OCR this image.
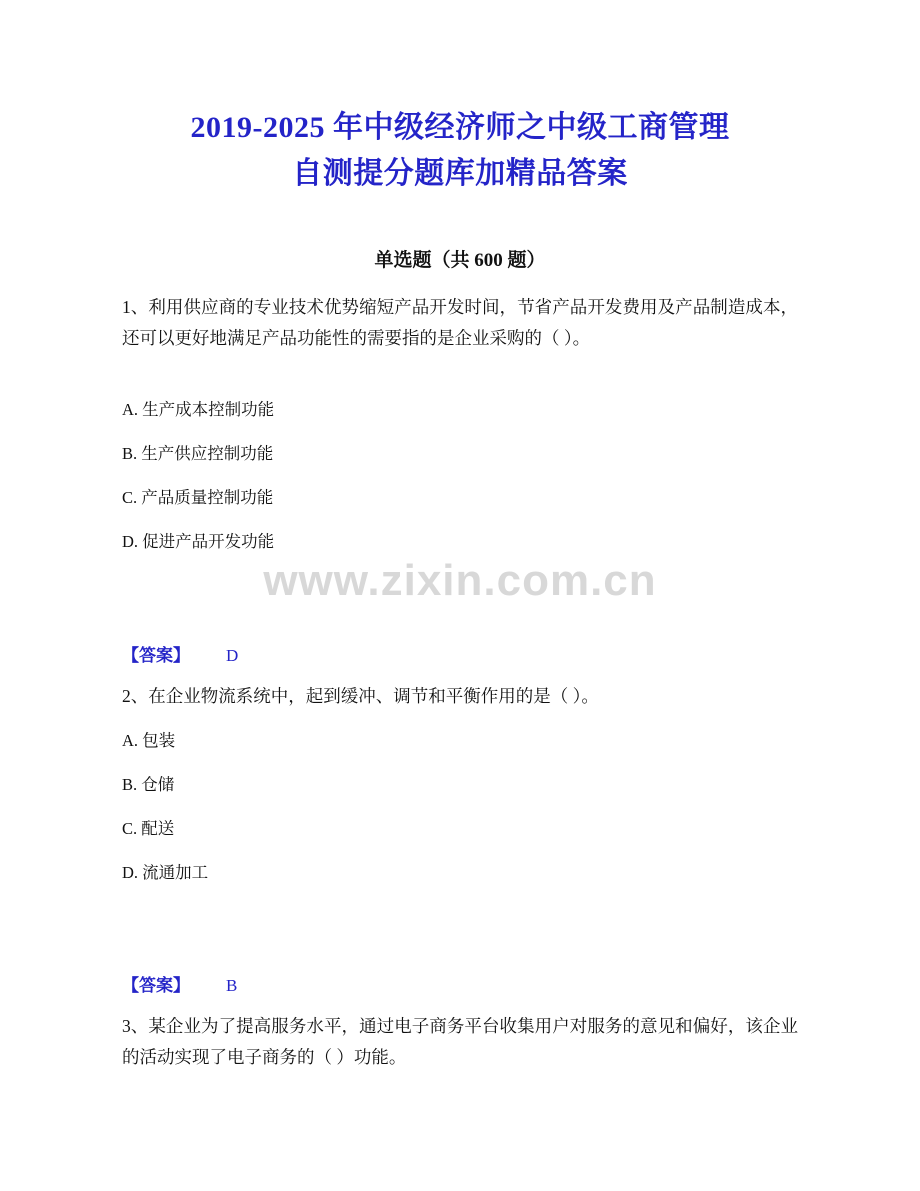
2019-2025 年中级经济师之中级工商管理
自测提分题库加精品答案
单选题（共 600 题）
1、利用供应商的专业技术优势缩短产品开发时间，节省产品开发费用及产品制造成本，还可以更好地满足产品功能性的需要指的是企业采购的（ ）。
A. 生产成本控制功能
B. 生产供应控制功能
C. 产品质量控制功能
D. 促进产品开发功能
www.zixin.com.cn
【答案】 D
2、在企业物流系统中，起到缓冲、调节和平衡作用的是（ ）。
A. 包装
B. 仓储
C. 配送
D. 流通加工
【答案】 B
3、某企业为了提高服务水平，通过电子商务平台收集用户对服务的意见和偏好，该企业的活动实现了电子商务的（ ）功能。
